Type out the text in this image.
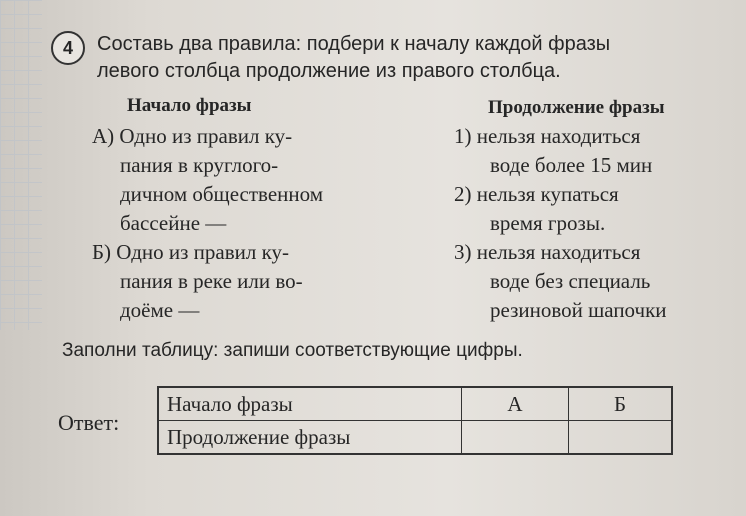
4 Составь два правила: подбери к началу каждой фразы
левого столбца продолжение из правого столбца.
Начало фразы	Продолжение фразы
А) Одно из правил ку-
пания в круглого-
дичном общественном
бассейне —
Б) Одно из правил ку-
пания в реке или во-
доёме —
1) нельзя находиться
воде более 15 мин
2) нельзя купаться
время грозы.
3) нельзя находиться
воде без специаль
резиновой шапочки
Заполни таблицу: запиши соответствующие цифры.
Ответ:
Начало фразы	А	Б
Продолжение фразы		
